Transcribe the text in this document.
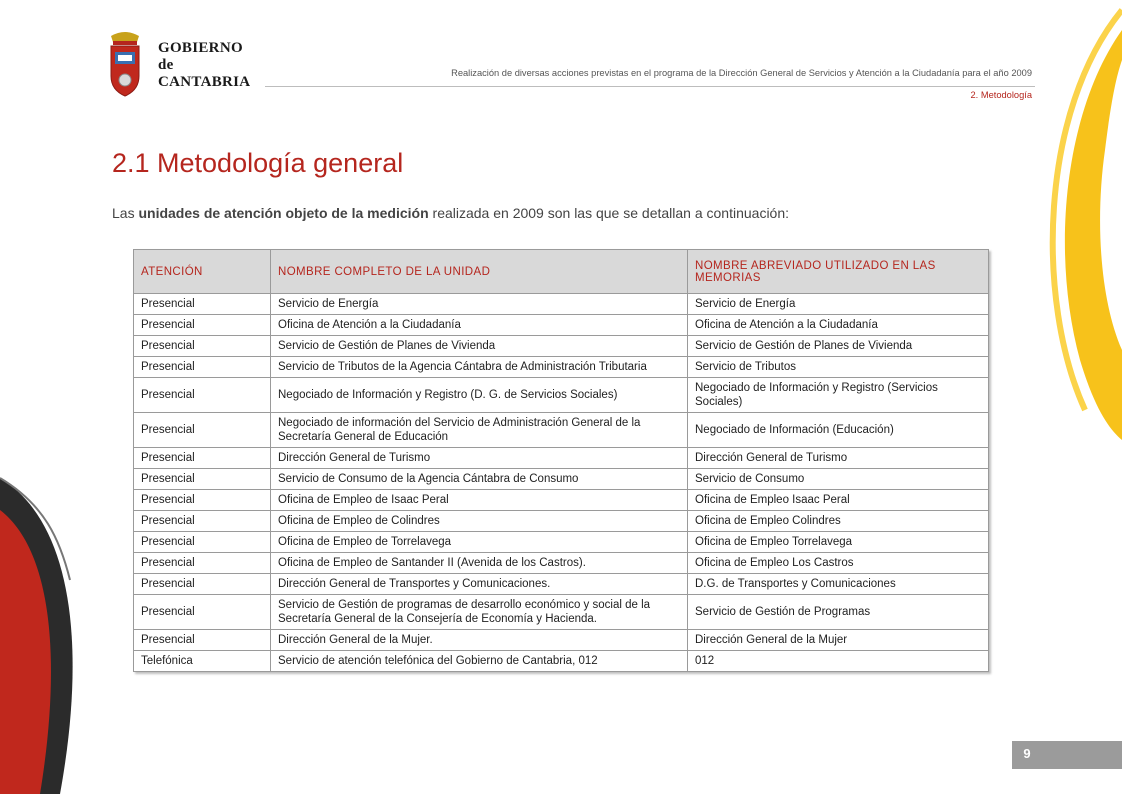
GOBIERNO
de
CANTABRIA
Realización de diversas acciones previstas en el programa de la Dirección General de Servicios y Atención a la Ciudadanía para el año 2009
2. Metodología
2.1 Metodología general
Las unidades de atención objeto de la medición realizada en 2009 son las que se detallan a continuación:
ATENCIÓN	NOMBRE COMPLETO DE LA UNIDAD	NOMBRE ABREVIADO UTILIZADO EN LAS MEMORIAS
Presencial	Servicio de Energía	Servicio de Energía
Presencial	Oficina de Atención a la Ciudadanía	Oficina de Atención a la Ciudadanía
Presencial	Servicio de Gestión de Planes de Vivienda	Servicio de Gestión de Planes de Vivienda
Presencial	Servicio de Tributos de la Agencia Cántabra de Administración Tributaria	Servicio de Tributos
Presencial	Negociado de Información y Registro (D. G. de Servicios Sociales)	Negociado de Información y Registro (Servicios Sociales)
Presencial	Negociado de información del Servicio de Administración General de la Secretaría General de Educación	Negociado de Información (Educación)
Presencial	Dirección General de Turismo	Dirección General de Turismo
Presencial	Servicio de Consumo de la Agencia Cántabra de Consumo	Servicio de Consumo
Presencial	Oficina de Empleo de Isaac Peral	Oficina de Empleo Isaac Peral
Presencial	Oficina de Empleo de Colindres	Oficina de Empleo Colindres
Presencial	Oficina de Empleo de Torrelavega	Oficina de Empleo Torrelavega
Presencial	Oficina de Empleo de Santander II (Avenida de los Castros).	Oficina de Empleo Los Castros
Presencial	Dirección General de Transportes y Comunicaciones.	D.G. de Transportes y Comunicaciones
Presencial	Servicio de Gestión de programas de desarrollo económico y social de la Secretaría General de la Consejería de Economía y Hacienda.	Servicio de Gestión de Programas
Presencial	Dirección General de la Mujer.	Dirección General de la Mujer
Telefónica	Servicio de atención telefónica del Gobierno de Cantabria, 012	012
9
